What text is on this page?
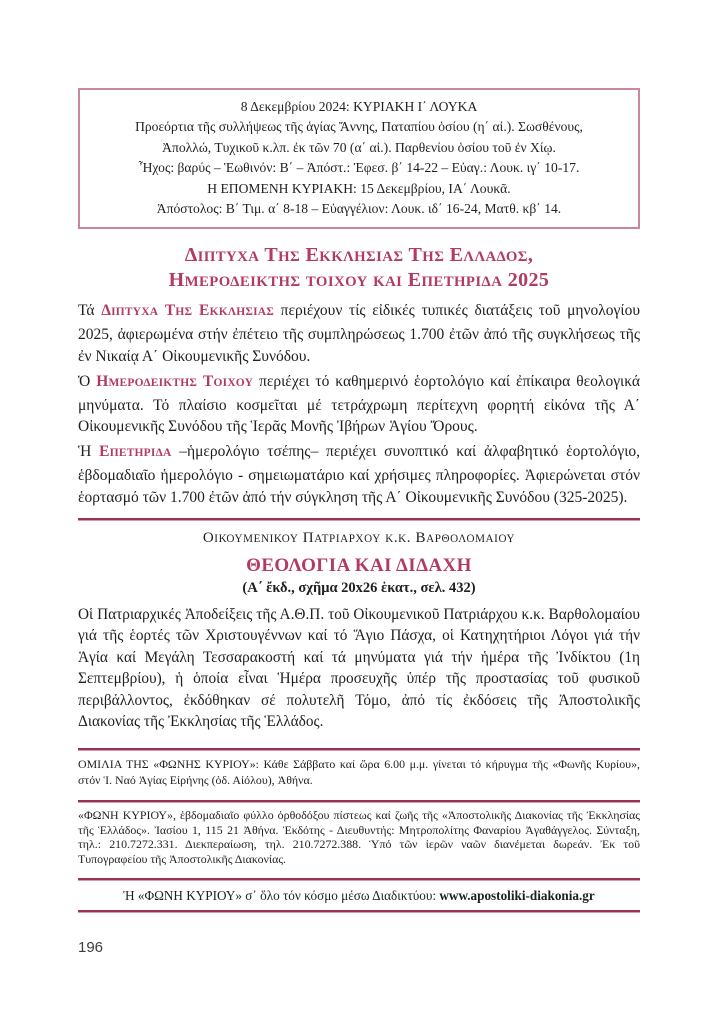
8 Δεκεμβρίου 2024: ΚΥΡΙΑΚΗ Ι΄ ΛΟΥΚΑ
Προεόρτια τῆς συλλήψεως τῆς ἁγίας Ἄννης, Παταπίου ὁσίου (η΄ αἰ.). Σωσθένους,
Ἀπολλώ, Τυχικοῦ κ.λπ. ἐκ τῶν 70 (α΄ αἰ.). Παρθενίου ὁσίου τοῦ ἐν Χίῳ.
Ἦχος: βαρύς – Ἑωθινόν: Β΄ – Ἀπόστ.: Ἐφεσ. β΄ 14-22 – Εὐαγ.: Λουκ. ιγ΄ 10-17.
Η ΕΠΟΜΕΝΗ ΚΥΡΙΑΚΗ: 15 Δεκεμβρίου, ΙΑ΄ Λουκᾶ.
Ἀπόστολος: Β΄ Τιμ. α΄ 8-18 – Εὐαγγέλιον: Λουκ. ιδ΄ 16-24, Ματθ. κβ΄ 14.
ΔΙΠΤΥΧΑ ΤΗΣ ΕΚΚΛΗΣΙΑΣ ΤΗΣ ΕΛΛΑΔΟΣ,
ΗΜΕΡΟΔΕΙΚΤΗΣ ΤΟΙΧΟΥ ΚΑΙ ΕΠΕΤΗΡΙΔΑ 2025

Τά ΔΙΠΤΥΧΑ ΤΗΣ ΕΚΚΛΗΣΙΑΣ περιέχουν τίς εἰδικές τυπικές διατάξεις τοῦ μηνολογίου 2025, ἀφιερωμένα στήν ἐπέτειο τῆς συμπληρώσεως 1.700 ἐτῶν ἀπό τῆς συγκλήσεως τῆς ἐν Νικαίᾳ Α΄ Οἰκουμενικῆς Συνόδου.

Ὁ ΗΜΕΡΟΔΕΙΚΤΗΣ ΤΟΙΧΟΥ περιέχει τό καθημερινό ἑορτολόγιο καί ἐπίκαιρα θεολογικά μηνύματα. Τό πλαίσιο κοσμεῖται μέ τετράχρωμη περίτεχνη φορητή εἰκόνα τῆς Α΄ Οἰκουμενικῆς Συνόδου τῆς Ἱερᾶς Μονῆς Ἰβήρων Ἁγίου Ὄρους.

Ἡ ΕΠΕΤΗΡΙΔΑ –ἡμερολόγιο τσέπης– περιέχει συνοπτικό καί ἀλφαβητικό ἑορτολόγιο, ἑβδομαδιαῖο ἡμερολόγιο - σημειωματάριο καί χρήσιμες πληροφορίες. Ἀφιερώνεται στόν ἑορτασμό τῶν 1.700 ἐτῶν ἀπό τήν σύγκληση τῆς Α΄ Οἰκουμενικῆς Συνόδου (325-2025).

ΟΙΚΟΥΜΕΝΙΚΟΥ ΠΑΤΡΙΑΡΧΟΥ Κ.Κ. ΒΑΡΘΟΛΟΜΑΙΟΥ
ΘΕΟΛΟΓΙΑ ΚΑΙ ΔΙΔΑΧΗ
(Α΄ ἔκδ., σχῆμα 20x26 ἑκατ., σελ. 432)

Οἱ Πατριαρχικές Ἀποδείξεις τῆς Α.Θ.Π. τοῦ Οἰκουμενικοῦ Πατριάρχου κ.κ. Βαρθολομαίου γιά τῆς ἑορτές τῶν Χριστουγέννων καί τό Ἅγιο Πάσχα, οἱ Κατηχητήριοι Λόγοι γιά τήν Ἁγία καί Μεγάλη Τεσσαρακοστή καί τά μηνύματα γιά τήν ἡμέρα τῆς Ἰνδίκτου (1η Σεπτεμβρίου), ἡ ὁποία εἶναι Ἡμέρα προσευχῆς ὑπέρ τῆς προστασίας τοῦ φυσικοῦ περιβάλλοντος, ἐκδόθηκαν σέ πολυτελῆ Τόμο, ἀπό τίς ἐκδόσεις τῆς Ἀποστολικῆς Διακονίας τῆς Ἐκκλησίας τῆς Ἑλλάδος.

ΟΜΙΛΙΑ ΤΗΣ «ΦΩΝΗΣ ΚΥΡΙΟΥ»: Κάθε Σάββατο καί ὥρα 6.00 μ.μ. γίνεται τό κήρυγμα τῆς «Φωνῆς Κυρίου», στόν Ἱ. Ναό Ἁγίας Εἰρήνης (ὁδ. Αἰόλου), Ἀθήνα.

«ΦΩΝΗ ΚΥΡΙΟΥ», ἑβδομαδιαῖο φύλλο ὀρθοδόξου πίστεως καί ζωῆς τῆς «Ἀποστολικῆς Διακονίας τῆς Ἐκκλησίας τῆς Ἑλλάδος». Ἰασίου 1, 115 21 Ἀθήνα. Ἐκδότης - Διευθυντής: Μητροπολίτης Φαναρίου Ἀγαθάγγελος. Σύνταξη, τηλ.: 210.7272.331. Διεκπεραίωση, τηλ. 210.7272.388. Ὑπό τῶν ἱερῶν ναῶν διανέμεται δωρεάν. Ἐκ τοῦ Τυπογραφείου τῆς Ἀποστολικῆς Διακονίας.

Ἡ «ΦΩΝΗ ΚΥΡΙΟΥ» σ᾽ ὅλο τόν κόσμο μέσω Διαδικτύου: www.apostoliki-diakonia.gr
196
